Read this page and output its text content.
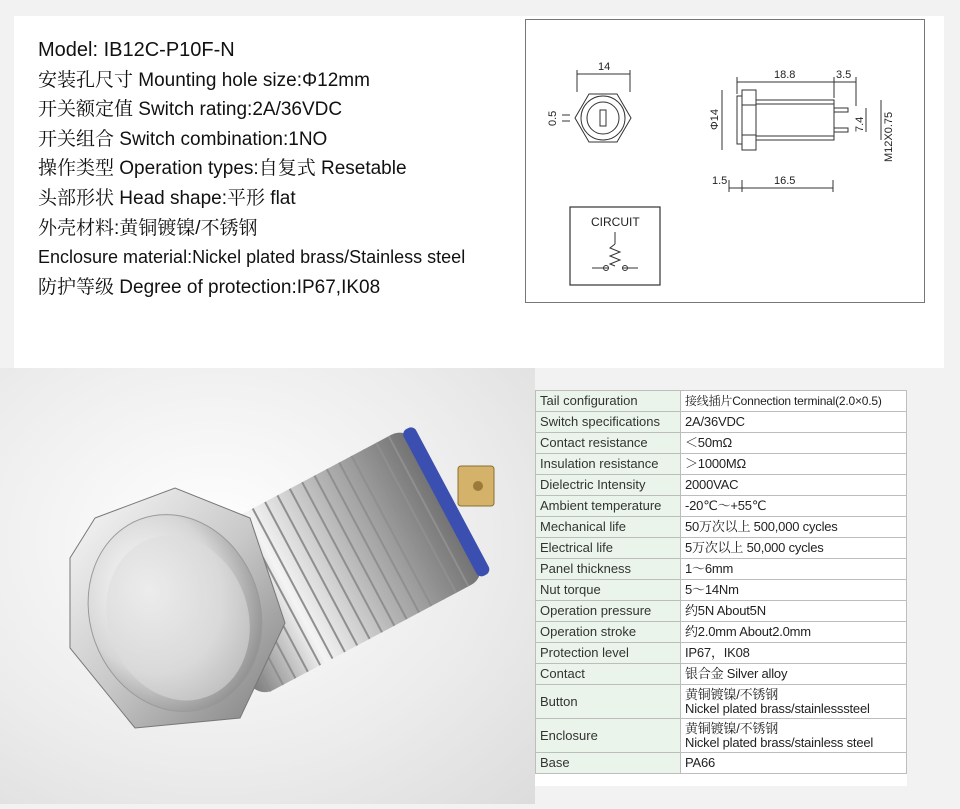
Model: IB12C-P10F-N
安装孔尺寸 Mounting hole size:Φ12mm
开关额定值 Switch rating:2A/36VDC
开关组合 Switch combination:1NO
操作类型 Operation types:自复式 Resetable
头部形状 Head shape:平形 flat
外壳材料:黄铜镀镍/不锈钢
Enclosure material:Nickel plated brass/Stainless steel
防护等级 Degree of protection:IP67,IK08
14
0.5
18.8	3.5
Φ14	7.4 M12X0.75
1.5	16.5
CIRCUIT
Tail configuration	接线插片Connection terminal(2.0×0.5)

Switch specifications	2A/36VDC

Contact resistance	＜50mΩ

Insulation resistance	＞1000MΩ

Dielectric Intensity	2000VAC

Ambient temperature	-20℃～+55℃

Mechanical life	50万次以上 500,000 cycles

Electrical life	5万次以上 50,000 cycles

Panel thickness	1～6mm

Nut torque	5～14Nm

Operation pressure	约5N About5N

Operation stroke	约2.0mm About2.0mm

Protection level	IP67，IK08

Contact	银合金 Silver alloy

Button	黄铜镀镍/不锈钢
Nickel plated brass/stainlesssteel

Enclosure	黄铜镀镍/不锈钢
Nickel plated brass/stainless steel

Base	PA66
